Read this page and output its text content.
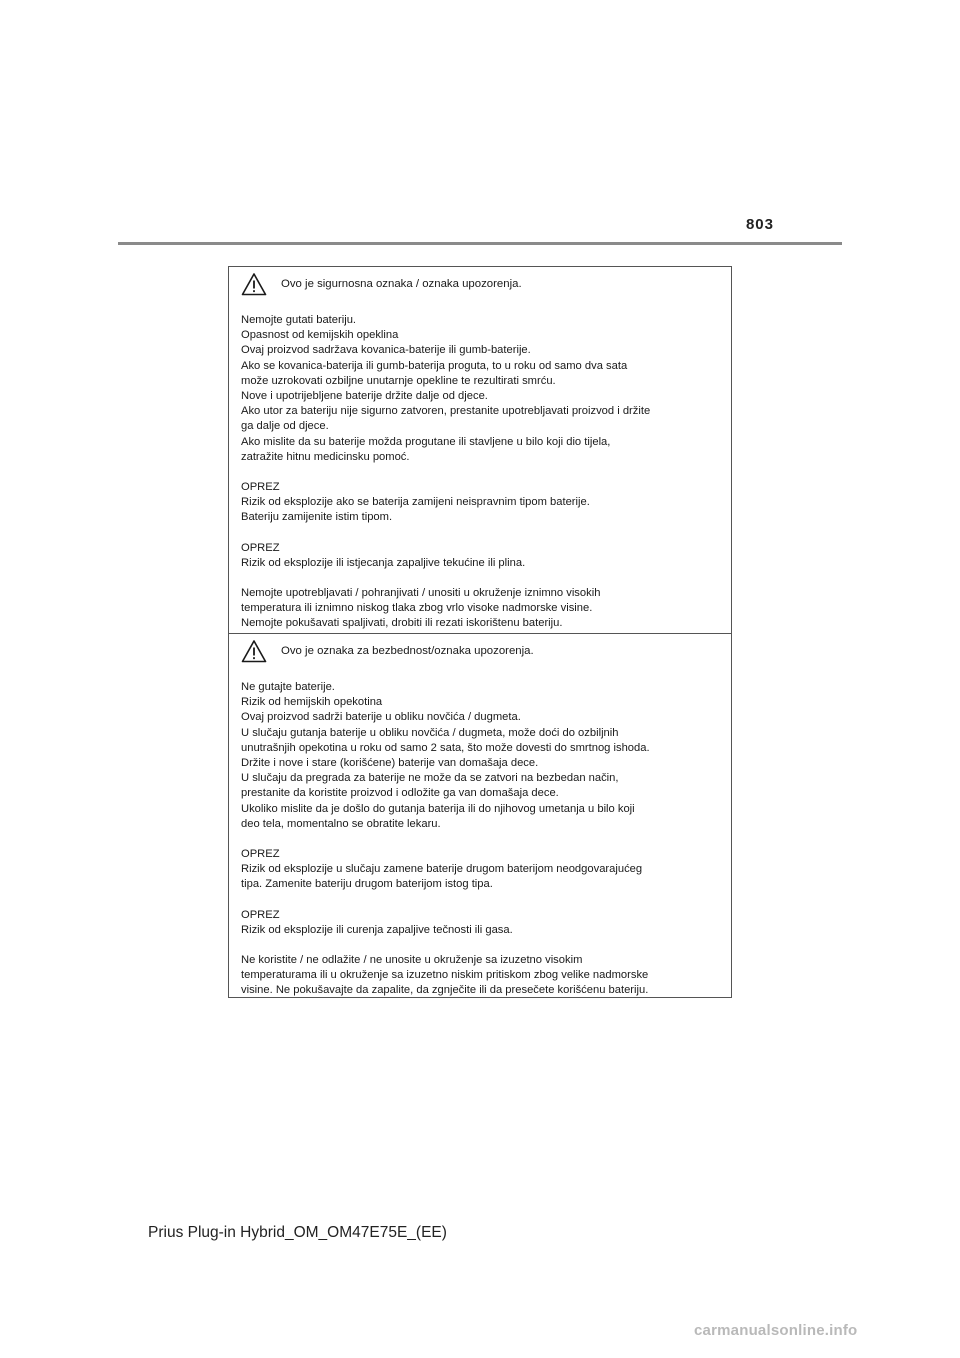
803
Ovo je sigurnosna oznaka / oznaka upozorenja.

Nemojte gutati bateriju.

Opasnost od kemijskih opeklina

Ovaj proizvod sadržava kovanica-baterije ili gumb-baterije.

Ako se kovanica-baterija ili gumb-baterija proguta, to u roku od samo dva sata

može uzrokovati ozbiljne unutarnje opekline te rezultirati smrću.

Nove i upotrijebljene baterije držite dalje od djece.

Ako utor za bateriju nije sigurno zatvoren, prestanite upotrebljavati proizvod i držite

ga dalje od djece.

Ako mislite da su baterije možda progutane ili stavljene u bilo koji dio tijela,

zatražite hitnu medicinsku pomoć.

OPREZ

Rizik od eksplozije ako se baterija zamijeni neispravnim tipom baterije.

Bateriju zamijenite istim tipom.

OPREZ

Rizik od eksplozije ili istjecanja zapaljive tekućine ili plina.

Nemojte upotrebljavati / pohranjivati / unositi u okruženje iznimno visokih

temperatura ili iznimno niskog tlaka zbog vrlo visoke nadmorske visine.

Nemojte pokušavati spaljivati, drobiti ili rezati iskorištenu bateriju.

Ovo je oznaka za bezbednost/oznaka upozorenja.

Ne gutajte baterije.

Rizik od hemijskih opekotina

Ovaj proizvod sadrži baterije u obliku novčića / dugmeta.

U slučaju gutanja baterije u obliku novčića / dugmeta, može doći do ozbiljnih

unutrašnjih opekotina u roku od samo 2 sata, što može dovesti do smrtnog ishoda.

Držite i nove i stare (korišćene) baterije van domašaja dece.

U slučaju da pregrada za baterije ne može da se zatvori na bezbedan način,

prestanite da koristite proizvod i odložite ga van domašaja dece.

Ukoliko mislite da je došlo do gutanja baterija ili do njihovog umetanja u bilo koji

deo tela, momentalno se obratite lekaru.

OPREZ

Rizik od eksplozije u slučaju zamene baterije drugom baterijom neodgovarajućeg

tipa. Zamenite bateriju drugom baterijom istog tipa.

OPREZ

Rizik od eksplozije ili curenja zapaljive tečnosti ili gasa.

Ne koristite / ne odlažite / ne unosite u okruženje sa izuzetno visokim

temperaturama ili u okruženje sa izuzetno niskim pritiskom zbog velike nadmorske

visine. Ne pokušavajte da zapalite, da zgnječite ili da presečete korišćenu bateriju.

Prius Plug-in Hybrid_OM_OM47E75E_(EE)
carmanualsonline.info
